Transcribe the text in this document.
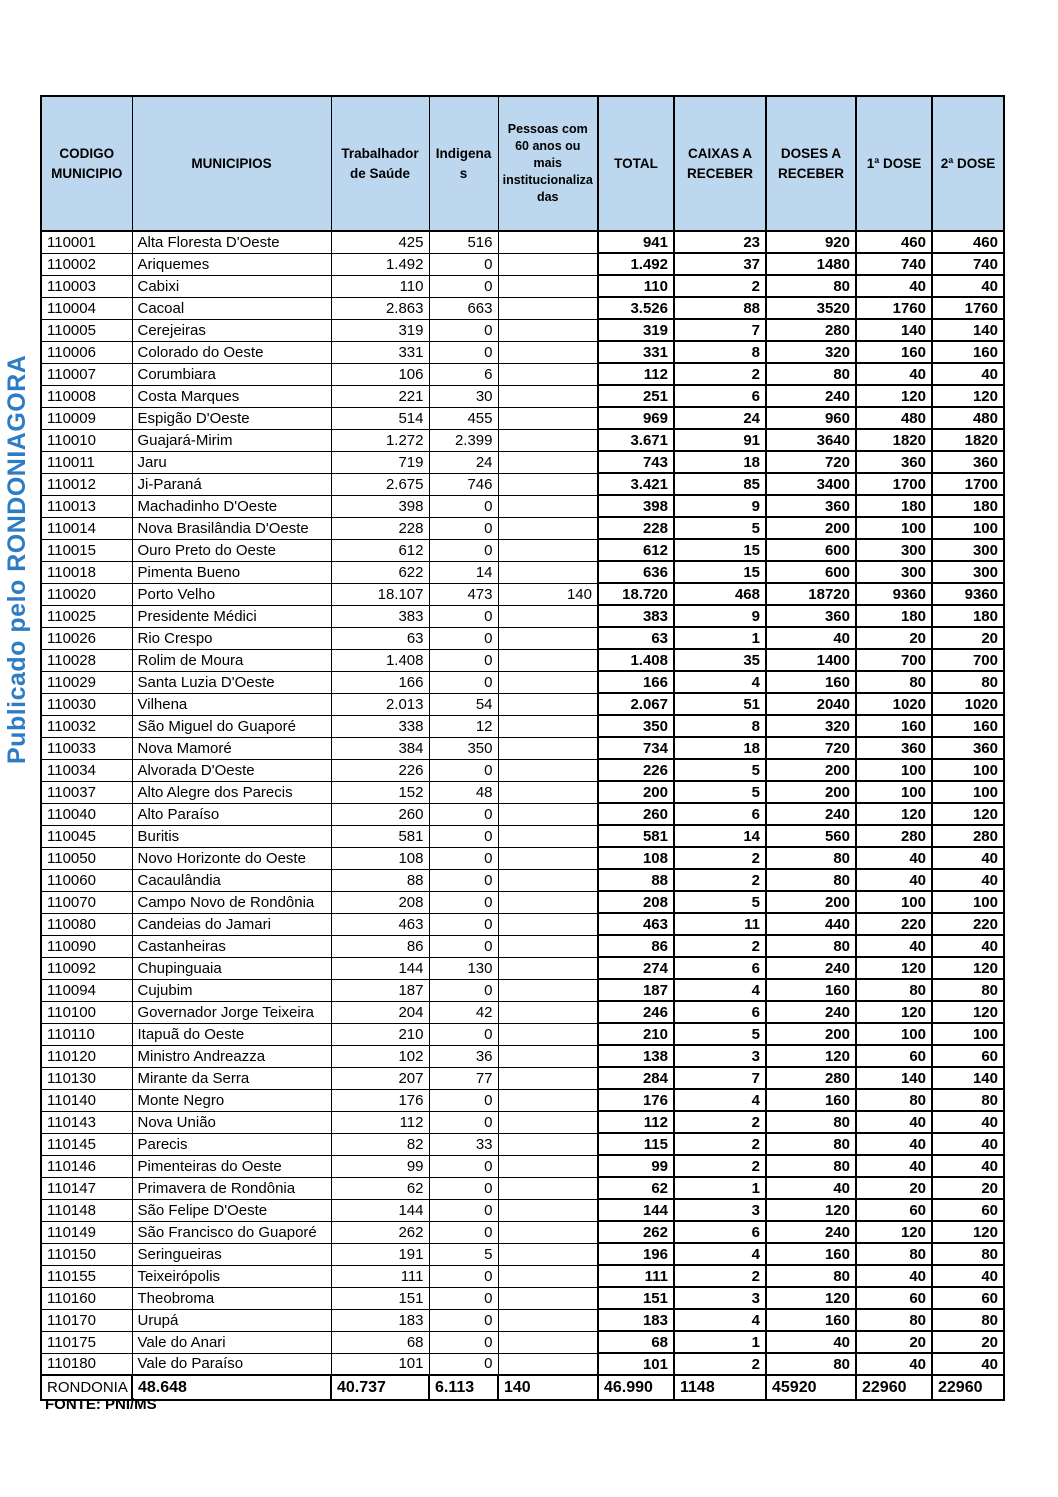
Publicado pelo RONDONIAGORA
CODIGO MUNICIPIO	MUNICIPIOS	Trabalhador de Saúde	Indigenas	Pessoas com 60 anos ou mais institucionalizadas	TOTAL	CAIXAS A RECEBER	DOSES A RECEBER	1ª DOSE	2ª DOSE
110001	Alta Floresta D'Oeste	425	516		941	23	920	460	460
110002	Ariquemes	1.492	0		1.492	37	1480	740	740
110003	Cabixi	110	0		110	2	80	40	40
110004	Cacoal	2.863	663		3.526	88	3520	1760	1760
110005	Cerejeiras	319	0		319	7	280	140	140
110006	Colorado do Oeste	331	0		331	8	320	160	160
110007	Corumbiara	106	6		112	2	80	40	40
110008	Costa Marques	221	30		251	6	240	120	120
110009	Espigão D'Oeste	514	455		969	24	960	480	480
110010	Guajará-Mirim	1.272	2.399		3.671	91	3640	1820	1820
110011	Jaru	719	24		743	18	720	360	360
110012	Ji-Paraná	2.675	746		3.421	85	3400	1700	1700
110013	Machadinho D'Oeste	398	0		398	9	360	180	180
110014	Nova Brasilândia D'Oeste	228	0		228	5	200	100	100
110015	Ouro Preto do Oeste	612	0		612	15	600	300	300
110018	Pimenta Bueno	622	14		636	15	600	300	300
110020	Porto Velho	18.107	473	140	18.720	468	18720	9360	9360
110025	Presidente Médici	383	0		383	9	360	180	180
110026	Rio Crespo	63	0		63	1	40	20	20
110028	Rolim de Moura	1.408	0		1.408	35	1400	700	700
110029	Santa Luzia D'Oeste	166	0		166	4	160	80	80
110030	Vilhena	2.013	54		2.067	51	2040	1020	1020
110032	São Miguel do Guaporé	338	12		350	8	320	160	160
110033	Nova Mamoré	384	350		734	18	720	360	360
110034	Alvorada D'Oeste	226	0		226	5	200	100	100
110037	Alto Alegre dos Parecis	152	48		200	5	200	100	100
110040	Alto Paraíso	260	0		260	6	240	120	120
110045	Buritis	581	0		581	14	560	280	280
110050	Novo Horizonte do Oeste	108	0		108	2	80	40	40
110060	Cacaulândia	88	0		88	2	80	40	40
110070	Campo Novo de Rondônia	208	0		208	5	200	100	100
110080	Candeias do Jamari	463	0		463	11	440	220	220
110090	Castanheiras	86	0		86	2	80	40	40
110092	Chupinguaia	144	130		274	6	240	120	120
110094	Cujubim	187	0		187	4	160	80	80
110100	Governador Jorge Teixeira	204	42		246	6	240	120	120
110110	Itapuã do Oeste	210	0		210	5	200	100	100
110120	Ministro Andreazza	102	36		138	3	120	60	60
110130	Mirante da Serra	207	77		284	7	280	140	140
110140	Monte Negro	176	0		176	4	160	80	80
110143	Nova União	112	0		112	2	80	40	40
110145	Parecis	82	33		115	2	80	40	40
110146	Pimenteiras do Oeste	99	0		99	2	80	40	40
110147	Primavera de Rondônia	62	0		62	1	40	20	20
110148	São Felipe D'Oeste	144	0		144	3	120	60	60
110149	São Francisco do Guaporé	262	0		262	6	240	120	120
110150	Seringueiras	191	5		196	4	160	80	80
110155	Teixeirópolis	111	0		111	2	80	40	40
110160	Theobroma	151	0		151	3	120	60	60
110170	Urupá	183	0		183	4	160	80	80
110175	Vale do Anari	68	0		68	1	40	20	20
110180	Vale do Paraíso	101	0		101	2	80	40	40
RONDONIA	48.648	40.737	6.113	140	46.990	1148	45920	22960	22960
FONTE: PNI/MS
